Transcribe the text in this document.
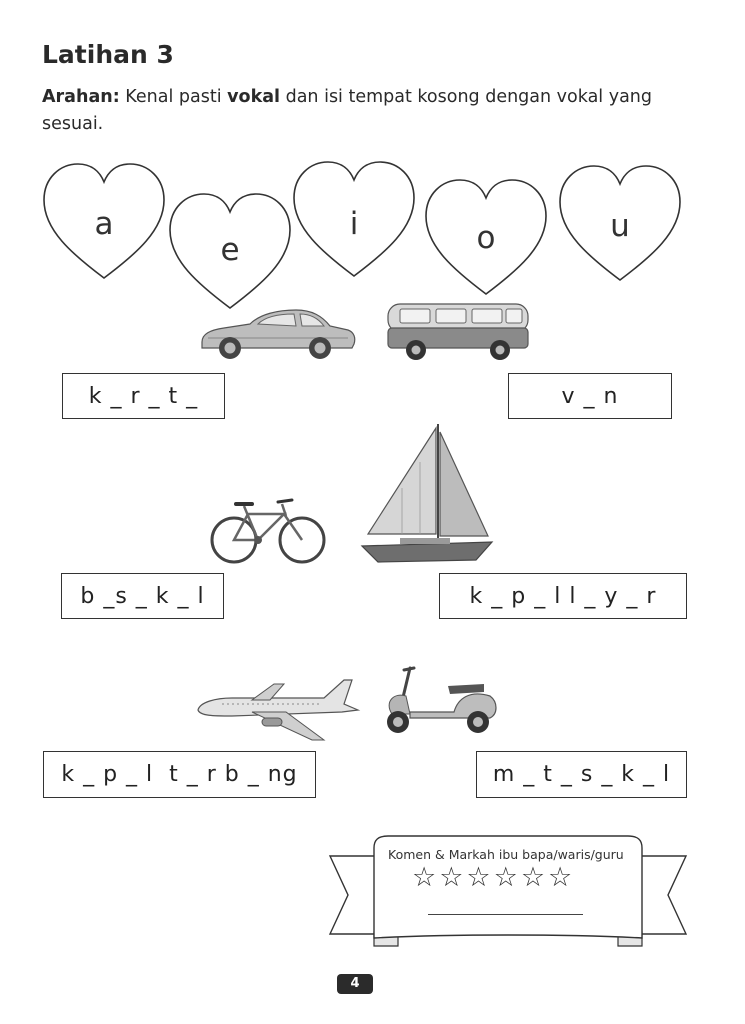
Latihan 3
Arahan: Kenal pasti vokal dan isi tempat kosong dengan vokal yang sesuai.
a
e
i	o	u
k _ r _ t _	v _ n
b _s _ k _ l	k _ p _ l l _ y _ r
k _ p _ l  t _ r b _ ng	m _ t _ s _ k _ l
Komen & Markah ibu bapa/waris/guru
☆☆☆☆☆☆
4
